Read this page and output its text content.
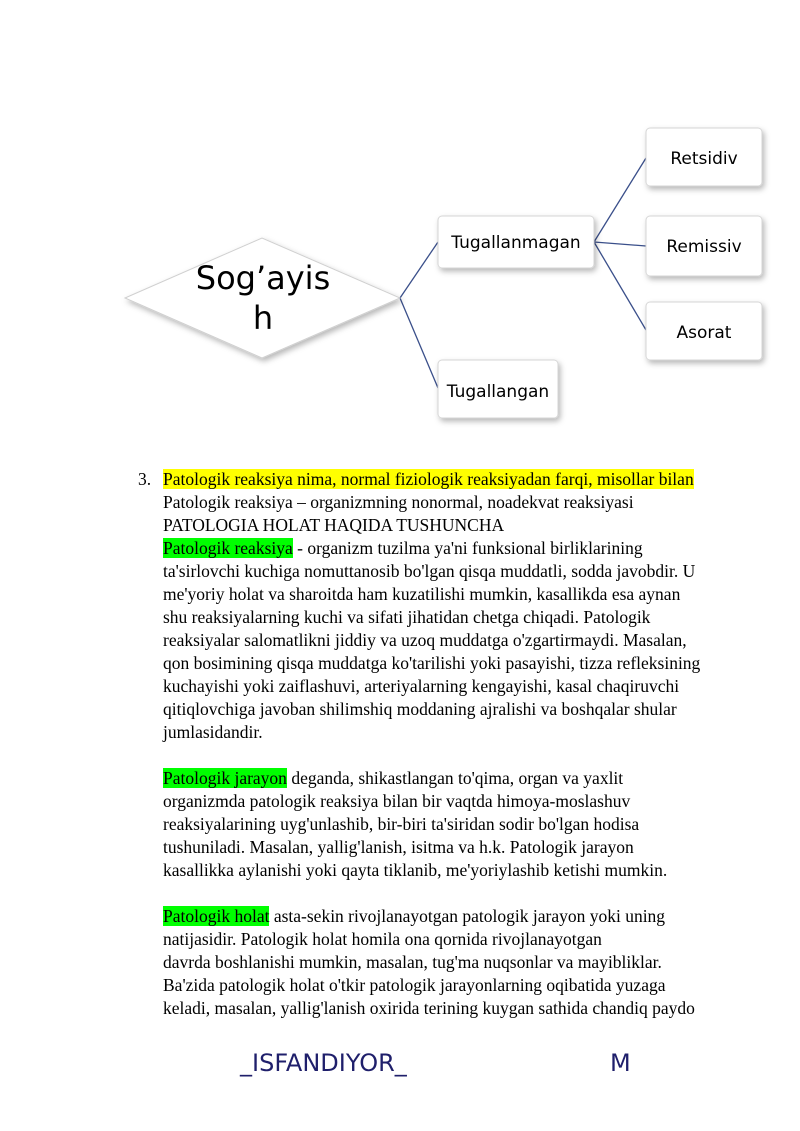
Sog’ayis
h
Tugallanmagan
Tugallangan
Retsidiv
Remissiv
Asorat
3. Patologik reaksiya nima, normal fiziologik reaksiyadan farqi, misollar bilan
Patologik reaksiya – organizmning nonormal, noadekvat reaksiyasi
PATOLOGIA HOLAT HAQIDA TUSHUNCHA
Patologik reaksiya - organizm tuzilma ya'ni funksional birliklarining
ta'sirlovchi kuchiga nomuttanosib bo'lgan qisqa muddatli, sodda javobdir. U
me'yoriy holat va sharoitda ham kuzatilishi mumkin, kasallikda esa aynan
shu reaksiyalarning kuchi va sifati jihatidan chetga chiqadi. Patologik
reaksiyalar salomatlikni jiddiy va uzoq muddatga o'zgartirmaydi. Masalan,
qon bosimining qisqa muddatga ko'tarilishi yoki pasayishi, tizza refleksining
kuchayishi yoki zaiflashuvi, arteriyalarning kengayishi, kasal chaqiruvchi
qitiqlovchiga javoban shilimshiq moddaning ajralishi va boshqalar shular
jumlasidandir.
Patologik jarayon deganda, shikastlangan to'qima, organ va yaxlit
organizmda patologik reaksiya bilan bir vaqtda himoya-moslashuv
reaksiyalarining uyg'unlashib, bir-biri ta'siridan sodir bo'lgan hodisa
tushuniladi. Masalan, yallig'lanish, isitma va h.k. Patologik jarayon
kasallikka aylanishi yoki qayta tiklanib, me'yoriylashib ketishi mumkin.
Patologik holat asta-sekin rivojlanayotgan patologik jarayon yoki uning
natijasidir. Patologik holat homila ona qornida rivojlanayotgan
davrda boshlanishi mumkin, masalan, tug'ma nuqsonlar va mayibliklar.
Ba'zida patologik holat o'tkir patologik jarayonlarning oqibatida yuzaga
keladi, masalan, yallig'lanish oxirida terining kuygan sathida chandiq paydo
_ISFANDIYOR_	M
